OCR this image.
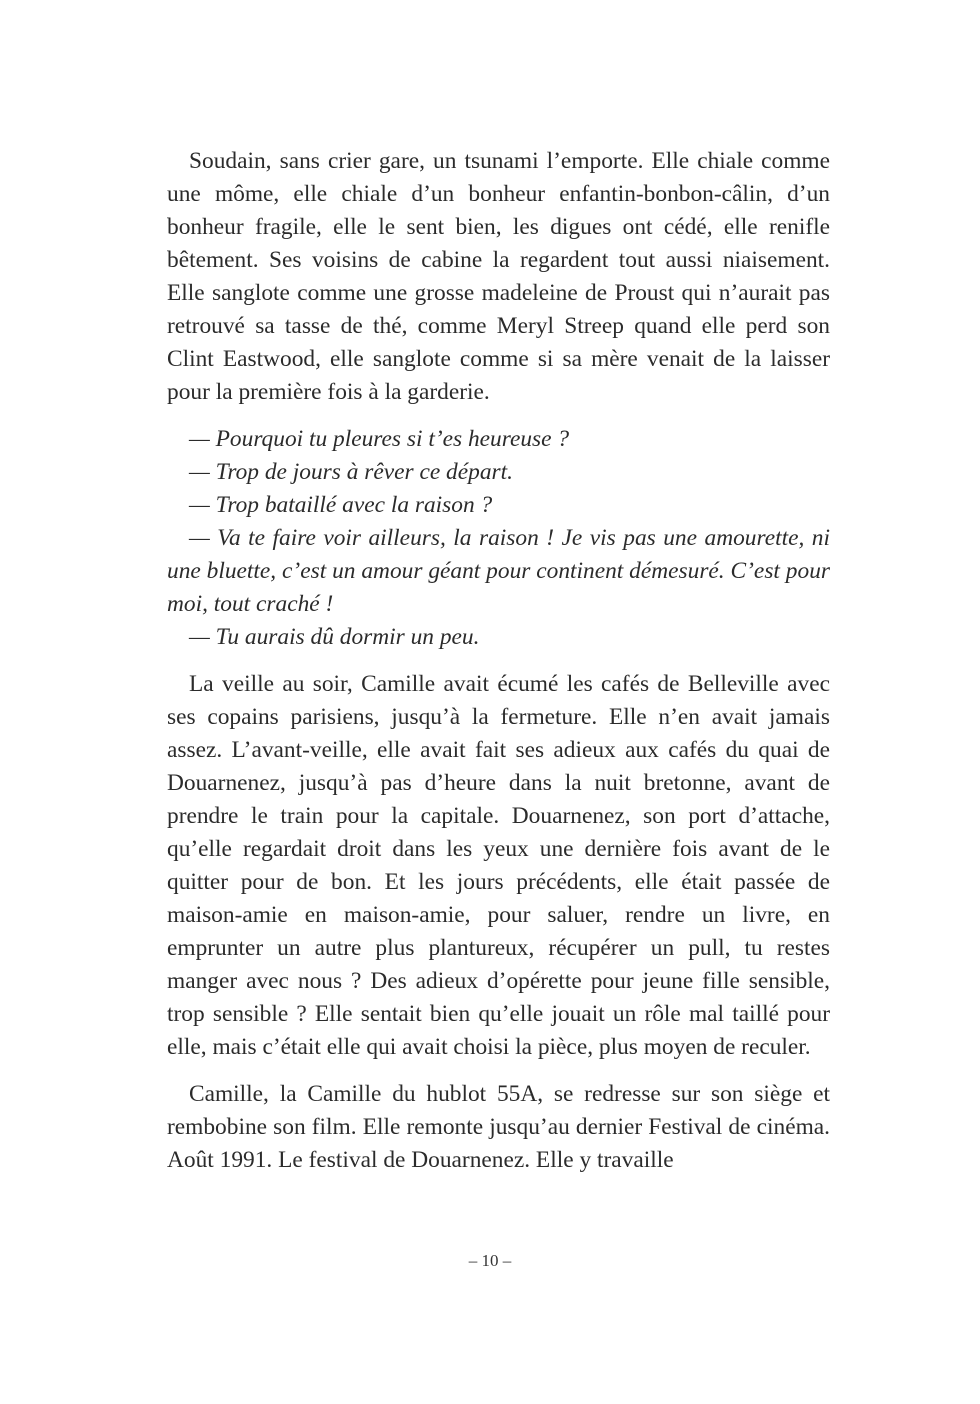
Soudain, sans crier gare, un tsunami l’emporte. Elle chiale comme une môme, elle chiale d’un bonheur enfantin-bonbon-câlin, d’un bonheur fragile, elle le sent bien, les digues ont cédé, elle renifle bêtement. Ses voisins de cabine la regardent tout aussi niaisement. Elle sanglote comme une grosse madeleine de Proust qui n’aurait pas retrouvé sa tasse de thé, comme Meryl Streep quand elle perd son Clint Eastwood, elle sanglote comme si sa mère venait de la laisser pour la première fois à la garderie.

— Pourquoi tu pleures si t’es heureuse ?

— Trop de jours à rêver ce départ.

— Trop bataillé avec la raison ?

— Va te faire voir ailleurs, la raison ! Je vis pas une amourette, ni une bluette, c’est un amour géant pour continent démesuré. C’est pour moi, tout craché !

— Tu aurais dû dormir un peu.

La veille au soir, Camille avait écumé les cafés de Belleville avec ses copains parisiens, jusqu’à la fermeture. Elle n’en avait jamais assez. L’avant-veille, elle avait fait ses adieux aux cafés du quai de Douarnenez, jusqu’à pas d’heure dans la nuit bretonne, avant de prendre le train pour la capitale. Douarnenez, son port d’attache, qu’elle regardait droit dans les yeux une dernière fois avant de le quitter pour de bon. Et les jours précédents, elle était passée de maison-amie en maison-amie, pour saluer, rendre un livre, en emprunter un autre plus plantureux, récupérer un pull, tu restes manger avec nous ? Des adieux d’opérette pour jeune fille sensible, trop sensible ? Elle sentait bien qu’elle jouait un rôle mal taillé pour elle, mais c’était elle qui avait choisi la pièce, plus moyen de reculer.

Camille, la Camille du hublot 55A, se redresse sur son siège et rembobine son film. Elle remonte jusqu’au dernier Festival de cinéma. Août 1991. Le festival de Douarnenez. Elle y travaille

– 10 –
